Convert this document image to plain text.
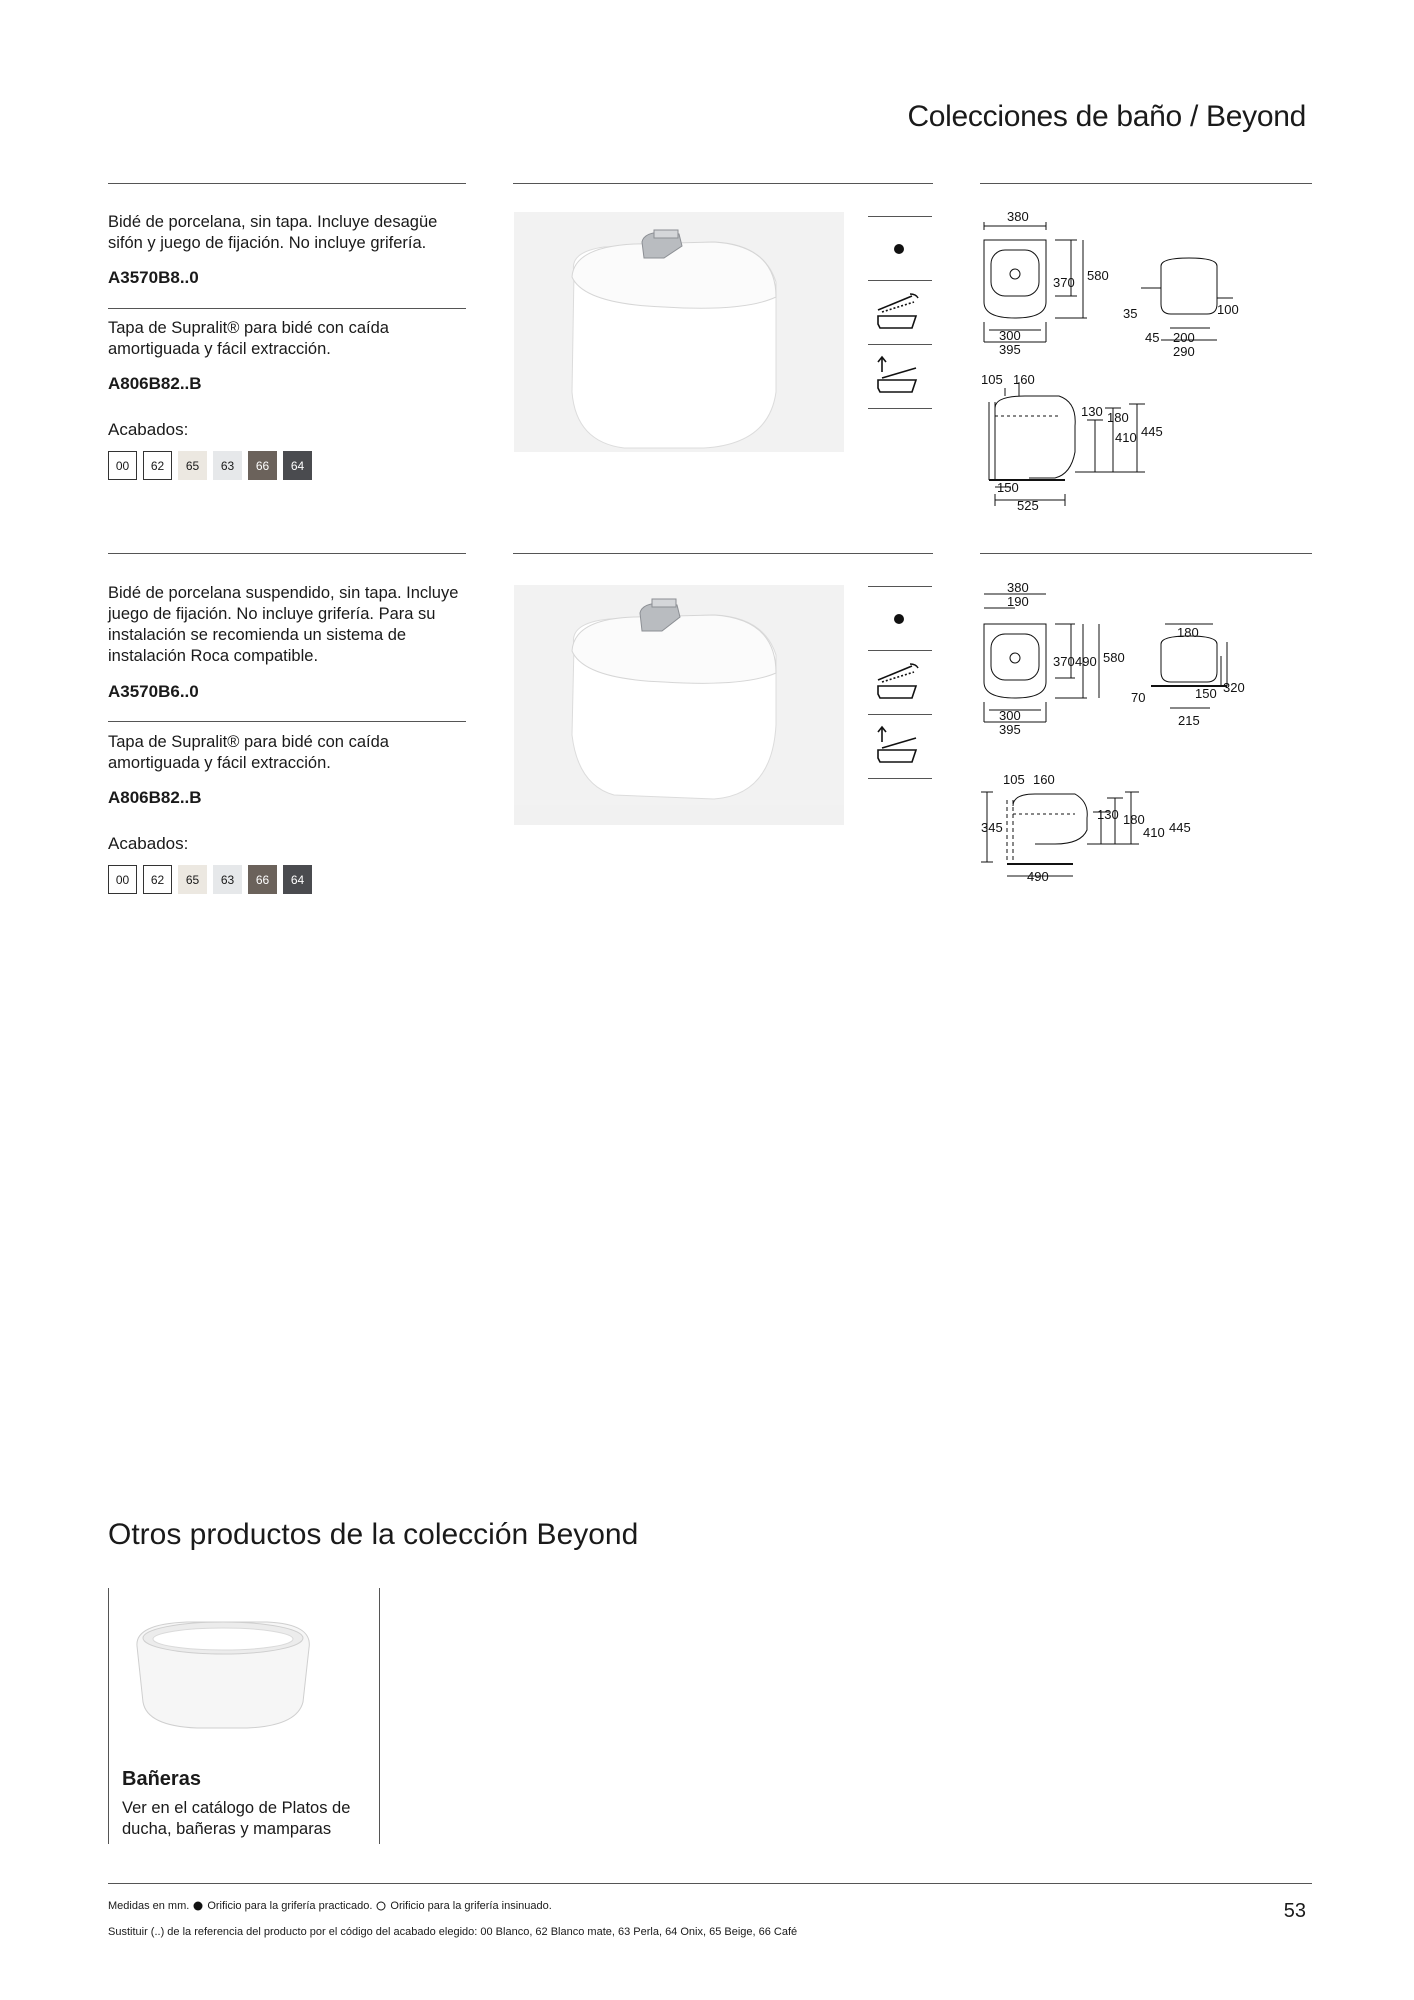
Colecciones de baño / Beyond
Bidé de porcelana, sin tapa. Incluye desagüe sifón y juego de fijación. No incluye grifería.
A3570B8..0
Tapa de Supralit® para bidé con caída amortiguada y fácil extracción.
A806B82..B
Acabados:
00 62 65 63 66 64
380
370 580
300
395
35	100
45 200
290
105 160
130 180
410 445
150
525
Bidé de porcelana suspendido, sin tapa. Incluye juego de fijación. No incluye grifería. Para su instalación se recomienda un sistema de instalación Roca compatible.
A3570B6..0
Tapa de Supralit® para bidé con caída amortiguada y fácil extracción.
A806B82..B
Acabados:
00 62 65 63 66 64
380
190
370 490 580
300
395
180
70	150 320
215
105 160
345
130 180
410 445
490
Otros productos de la colección Beyond
Bañeras
Ver en el catálogo de Platos de ducha, bañeras y mamparas
Medidas en mm. Orificio para la grifería practicado. Orificio para la grifería insinuado.
Sustituir (..) de la referencia del producto por el código del acabado elegido: 00 Blanco, 62 Blanco mate, 63 Perla, 64 Onix, 65 Beige, 66 Café
53
